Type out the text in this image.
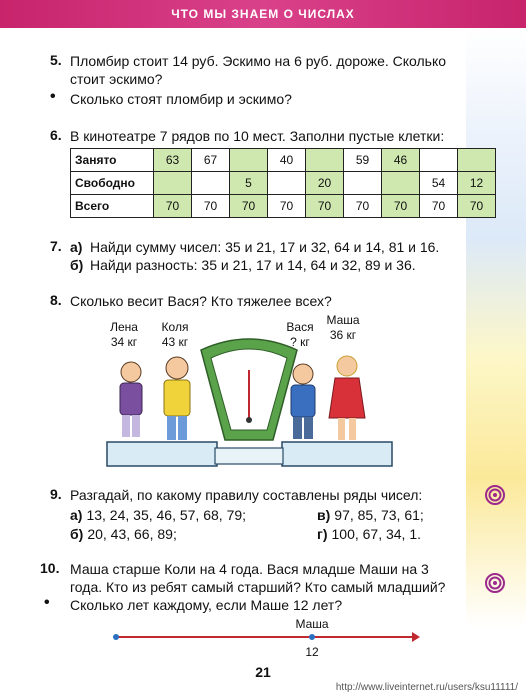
ЧТО МЫ ЗНАЕМ О ЧИСЛАХ
5. Пломбир стоит 14 руб. Эскимо на 6 руб. дороже. Сколько
стоит эскимо?
• Сколько стоят пломбир и эскимо?
6. В кинотеатре 7 рядов по 10 мест. Заполни пустые клетки:
Занято	63	67		40		59	46		
Свободно			5		20			54	12
Всего	70	70	70	70	70	70	70	70	70
7. а) Найди сумму чисел: 35 и 21, 17 и 32, 64 и 14, 81 и 16.
б) Найди разность: 35 и 21, 17 и 14, 64 и 32, 89 и 36.
8. Сколько весит Вася? Кто тяжелее всех?
Лена
34 кг
Коля
43 кг
Вася
? кг
Маша
36 кг
9. Разгадай, по какому правилу составлены ряды чисел:
а) 13, 24, 35, 46, 57, 68, 79;
б) 20, 43, 66, 89;
в) 97, 85, 73, 61;
г) 100, 67, 34, 1.
10. Маша старше Коли на 4 года. Вася младше Маши на 3
года. Кто из ребят самый старший? Кто самый младший?
• Сколько лет каждому, если Маше 12 лет?
Маша
12
21
http://www.liveinternet.ru/users/ksu11111/
